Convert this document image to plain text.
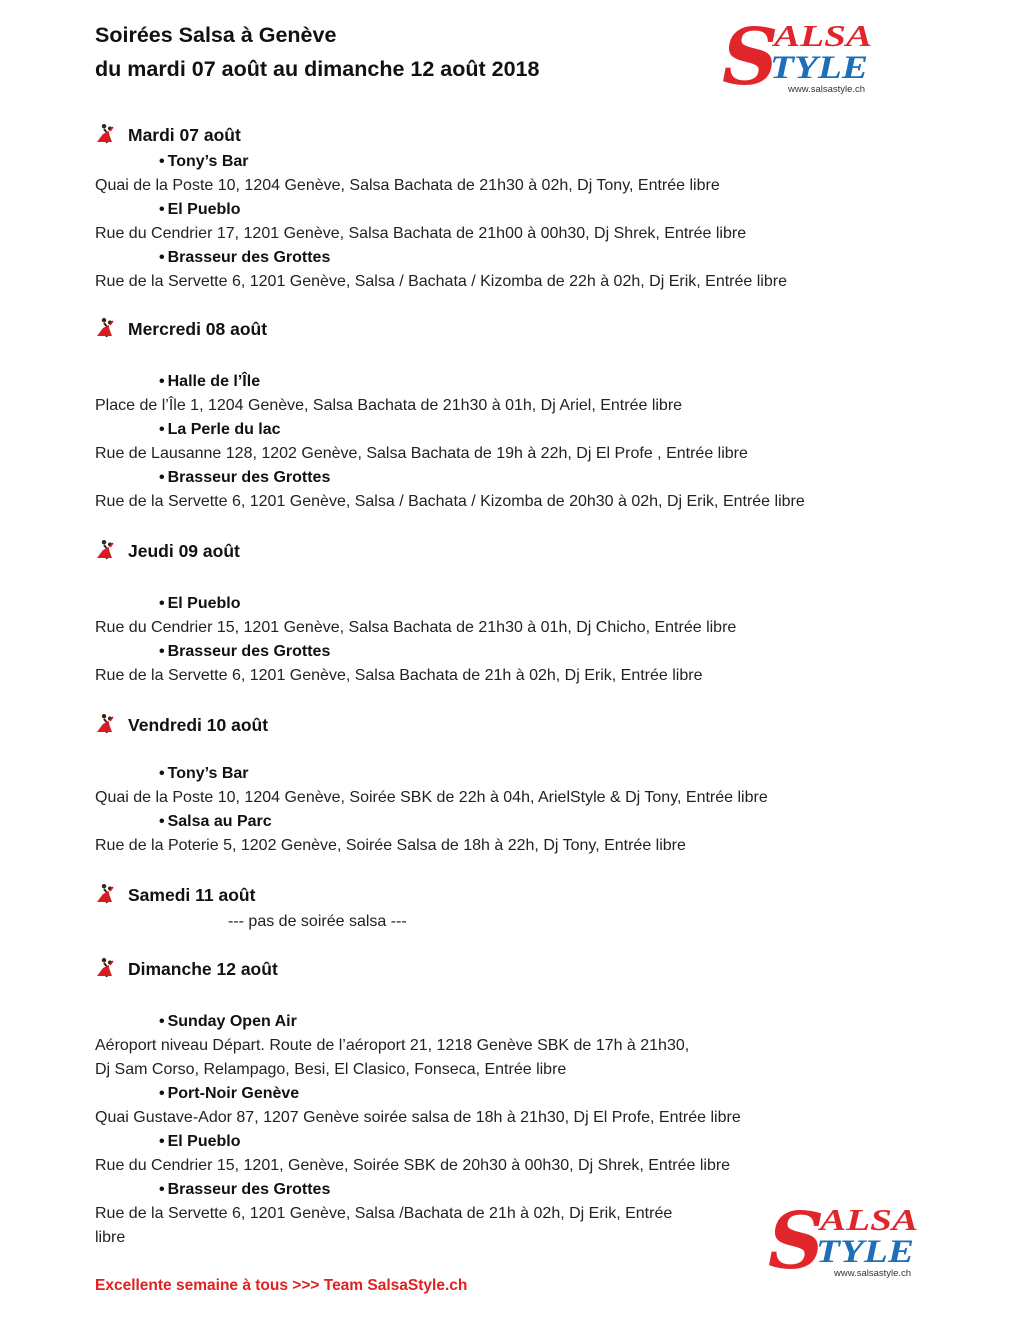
Soirées Salsa à Genève
du mardi 07 août au dimanche 12 août 2018 S
ALSA
TYLE
www.salsastyle.ch
S
ALSA
TYLE
www.salsastyle.ch
Mardi 07 août
Mercredi 08 août
Jeudi 09 août
Vendredi 10 août
Samedi 11 août
Dimanche 12 août
• Tony’s Bar
Quai de la Poste 10, 1204 Genève, Salsa Bachata de 21h30 à 02h, Dj Tony, Entrée libre
• El Pueblo
Rue du Cendrier 17, 1201 Genève, Salsa Bachata de 21h00 à 00h30, Dj Shrek, Entrée libre
• Brasseur des Grottes
Rue de la Servette 6, 1201 Genève, Salsa / Bachata / Kizomba de 22h à 02h, Dj Erik, Entrée libre
• Halle de l’Île
Place de l’Île 1, 1204 Genève, Salsa Bachata de 21h30 à 01h, Dj Ariel, Entrée libre
• La Perle du lac
Rue de Lausanne 128, 1202 Genève, Salsa Bachata de 19h à 22h, Dj El Profe , Entrée libre
• Brasseur des Grottes
Rue de la Servette 6, 1201 Genève, Salsa / Bachata / Kizomba de 20h30 à 02h, Dj Erik, Entrée libre
• El Pueblo
Rue du Cendrier 15, 1201 Genève, Salsa Bachata de 21h30 à 01h, Dj Chicho, Entrée libre
• Brasseur des Grottes
Rue de la Servette 6, 1201 Genève, Salsa Bachata de 21h à 02h, Dj Erik, Entrée libre
• Tony’s Bar
Quai de la Poste 10, 1204 Genève, Soirée SBK de 22h à 04h, ArielStyle & Dj Tony, Entrée libre
• Salsa au Parc
Rue de la Poterie 5, 1202 Genève, Soirée Salsa de 18h à 22h, Dj Tony, Entrée libre
--- pas de soirée salsa ---
• Sunday Open Air
Aéroport niveau Départ. Route de l’aéroport 21, 1218 Genève SBK de 17h à 21h30,
Dj Sam Corso, Relampago, Besi, El Clasico, Fonseca, Entrée libre
• Port-Noir Genève
Quai Gustave-Ador 87, 1207 Genève soirée salsa de 18h à 21h30, Dj El Profe, Entrée libre
• El Pueblo
Rue du Cendrier 15, 1201, Genève, Soirée SBK de 20h30 à 00h30, Dj Shrek, Entrée libre
• Brasseur des Grottes
Rue de la Servette 6, 1201 Genève, Salsa /Bachata de 21h à 02h, Dj Erik, Entrée
libre
Excellente semaine à tous >>> Team SalsaStyle.ch
